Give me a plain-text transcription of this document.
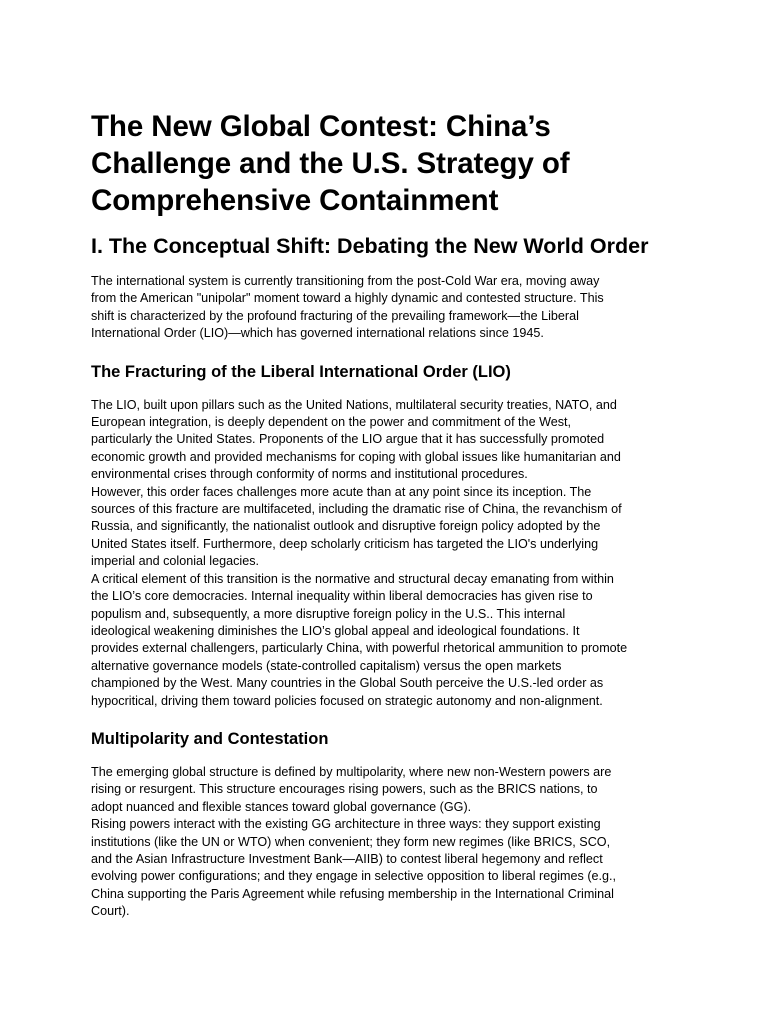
The New Global Contest: China’s
Challenge and the U.S. Strategy of
Comprehensive Containment
I. The Conceptual Shift: Debating the New World Order

The international system is currently transitioning from the post-Cold War era, moving away
from the American "unipolar" moment toward a highly dynamic and contested structure. This
shift is characterized by the profound fracturing of the prevailing framework—the Liberal
International Order (LIO)—which has governed international relations since 1945.

The Fracturing of the Liberal International Order (LIO)

The LIO, built upon pillars such as the United Nations, multilateral security treaties, NATO, and
European integration, is deeply dependent on the power and commitment of the West,
particularly the United States. Proponents of the LIO argue that it has successfully promoted
economic growth and provided mechanisms for coping with global issues like humanitarian and
environmental crises through conformity of norms and institutional procedures.

However, this order faces challenges more acute than at any point since its inception. The
sources of this fracture are multifaceted, including the dramatic rise of China, the revanchism of
Russia, and significantly, the nationalist outlook and disruptive foreign policy adopted by the
United States itself. Furthermore, deep scholarly criticism has targeted the LIO's underlying
imperial and colonial legacies.

A critical element of this transition is the normative and structural decay emanating from within
the LIO’s core democracies. Internal inequality within liberal democracies has given rise to
populism and, subsequently, a more disruptive foreign policy in the U.S.. This internal
ideological weakening diminishes the LIO’s global appeal and ideological foundations. It
provides external challengers, particularly China, with powerful rhetorical ammunition to promote
alternative governance models (state-controlled capitalism) versus the open markets
championed by the West. Many countries in the Global South perceive the U.S.-led order as
hypocritical, driving them toward policies focused on strategic autonomy and non-alignment.

Multipolarity and Contestation

The emerging global structure is defined by multipolarity, where new non-Western powers are
rising or resurgent. This structure encourages rising powers, such as the BRICS nations, to
adopt nuanced and flexible stances toward global governance (GG).

Rising powers interact with the existing GG architecture in three ways: they support existing
institutions (like the UN or WTO) when convenient; they form new regimes (like BRICS, SCO,
and the Asian Infrastructure Investment Bank—AIIB) to contest liberal hegemony and reflect
evolving power configurations; and they engage in selective opposition to liberal regimes (e.g.,
China supporting the Paris Agreement while refusing membership in the International Criminal
Court).
